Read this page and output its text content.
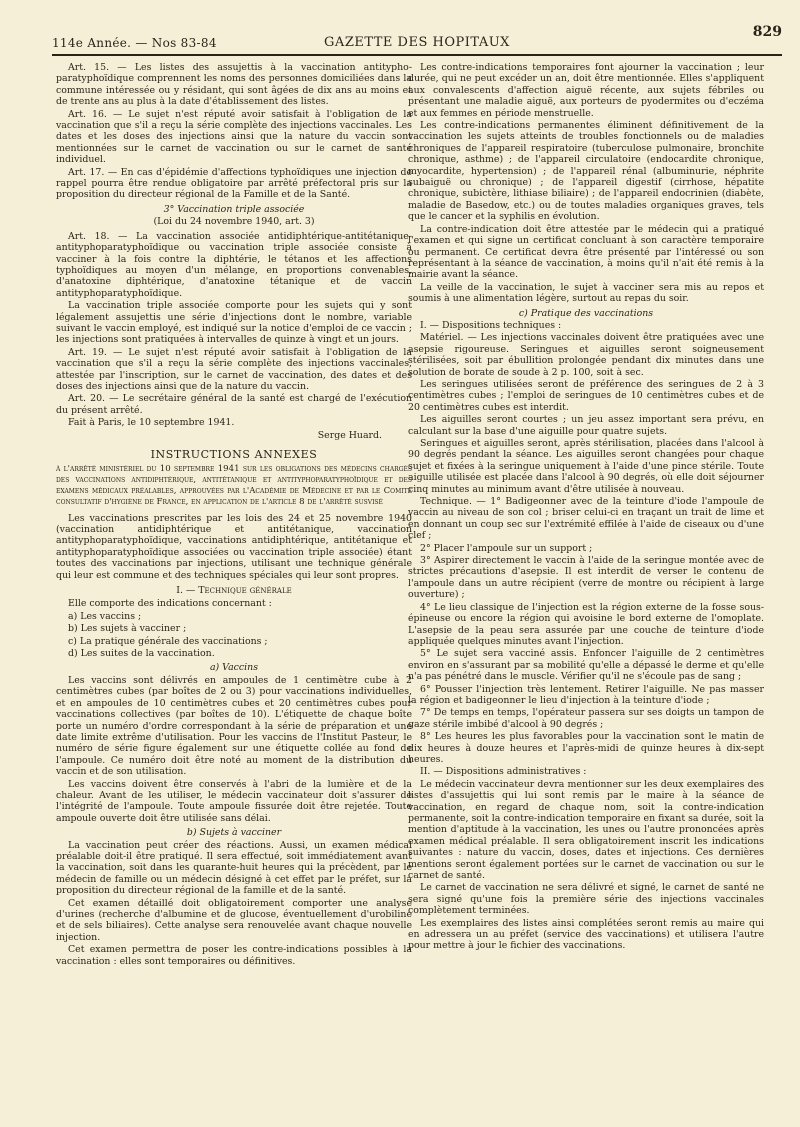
114e Année. — Nos 83-84	GAZETTE DES HOPITAUX
829

Art. 15. — Les listes des assujettis à la vaccination antitypho-paratyphoïdique comprennent les noms des personnes domiciliées dans la commune intéressée ou y résidant, qui sont âgées de dix ans au moins et de trente ans au plus à la date d'établissement des listes.

Art. 16. — Le sujet n'est réputé avoir satisfait à l'obligation de la vaccination que s'il a reçu la série complète des injections vaccinales. Les dates et les doses des injections ainsi que la nature du vaccin sont mentionnées sur le carnet de vaccination ou sur le carnet de santé individuel.

Art. 17. — En cas d'épidémie d'affections typhoïdiques une injection de rappel pourra être rendue obligatoire par arrêté préfectoral pris sur la proposition du directeur régional de la Famille et de la Santé.

3° Vaccination triple associée

(Loi du 24 novembre 1940, art. 3)

Art. 18. — La vaccination associée antidiphtérique-antitétanique-antityphoparatyphoïdique ou vaccination triple associée consiste à vacciner à la fois contre la diphtérie, le tétanos et les affections typhoïdiques au moyen d'un mélange, en proportions convenables, d'anatoxine diphtérique, d'anatoxine tétanique et de vaccin antityphoparatyphoïdique.

La vaccination triple associée comporte pour les sujets qui y sont légalement assujettis une série d'injections dont le nombre, variable suivant le vaccin employé, est indiqué sur la notice d'emploi de ce vaccin ; les injections sont pratiquées à intervalles de quinze à vingt et un jours.

Art. 19. — Le sujet n'est réputé avoir satisfait à l'obligation de la vaccination que s'il a reçu la série complète des injections vaccinales, attestée par l'inscription, sur le carnet de vaccination, des dates et des doses des injections ainsi que de la nature du vaccin.

Art. 20. — Le secrétaire général de la santé est chargé de l'exécution du présent arrêté.

Fait à Paris, le 10 septembre 1941.

Serge Huard.

INSTRUCTIONS ANNEXES

à l'arrêté ministériel du 10 septembre 1941 sur les obligations des médecins chargés des vaccinations antidiphtérique, antitétanique et antityphoparatyphoïdique et des examens médicaux préalables, approuvées par l'Académie de Médecine et par le Comité consultatif d'hygiène de France, en application de l'article 8 de l'arrêté susvisé

Les vaccinations prescrites par les lois des 24 et 25 novembre 1940 (vaccination antidiphtérique et antitétanique, vaccination antityphoparatyphoïdique, vaccinations antidiphtérique, antitétanique et antityphoparatyphoïdique associées ou vaccination triple associée) étant toutes des vaccinations par injections, utilisant une technique générale qui leur est commune et des techniques spéciales qui leur sont propres.

I. — Technique générale

Elle comporte des indications concernant :

a) Les vaccins ;

b) Les sujets à vacciner ;

c) La pratique générale des vaccinations ;

d) Les suites de la vaccination.

a) Vaccins

Les vaccins sont délivrés en ampoules de 1 centimètre cube à 2 centimètres cubes (par boîtes de 2 ou 3) pour vaccinations individuelles, et en ampoules de 10 centimètres cubes et 20 centimètres cubes pour vaccinations collectives (par boîtes de 10). L'étiquette de chaque boîte porte un numéro d'ordre correspondant à la série de préparation et une date limite extrême d'utilisation. Pour les vaccins de l'Institut Pasteur, le numéro de série figure également sur une étiquette collée au fond de l'ampoule. Ce numéro doit être noté au moment de la distribution du vaccin et de son utilisation.

Les vaccins doivent être conservés à l'abri de la lumière et de la chaleur. Avant de les utiliser, le médecin vaccinateur doit s'assurer de l'intégrité de l'ampoule. Toute ampoule fissurée doit être rejetée. Toute ampoule ouverte doit être utilisée sans délai.

b) Sujets à vacciner

La vaccination peut créer des réactions. Aussi, un examen médical préalable doit-il être pratiqué. Il sera effectué, soit immédiatement avant la vaccination, soit dans les quarante-huit heures qui la précèdent, par le médecin de famille ou un médecin désigné à cet effet par le préfet, sur la proposition du directeur régional de la famille et de la santé.

Cet examen détaillé doit obligatoirement comporter une analyse d'urines (recherche d'albumine et de glucose, éventuellement d'urobiline et de sels biliaires). Cette analyse sera renouvelée avant chaque nouvelle injection.

Cet examen permettra de poser les contre-indications possibles à la vaccination : elles sont temporaires ou définitives.

Les contre-indications temporaires font ajourner la vaccination ; leur durée, qui ne peut excéder un an, doit être mentionnée. Elles s'appliquent aux convalescents d'affection aiguë récente, aux sujets fébriles ou présentant une maladie aiguë, aux porteurs de pyodermites ou d'eczéma et aux femmes en période menstruelle.

Les contre-indications permanentes éliminent définitivement de la vaccination les sujets atteints de troubles fonctionnels ou de maladies chroniques de l'appareil respiratoire (tuberculose pulmonaire, bronchite chronique, asthme) ; de l'appareil circulatoire (endocardite chronique, myocardite, hypertension) ; de l'appareil rénal (albuminurie, néphrite subaiguë ou chronique) ; de l'appareil digestif (cirrhose, hépatite chronique, subictère, lithiase biliaire) ; de l'appareil endocrinien (diabète, maladie de Basedow, etc.) ou de toutes maladies organiques graves, tels que le cancer et la syphilis en évolution.

La contre-indication doit être attestée par le médecin qui a pratiqué l'examen et qui signe un certificat concluant à son caractère temporaire ou permanent. Ce certificat devra être présenté par l'intéressé ou son représentant à la séance de vaccination, à moins qu'il n'ait été remis à la mairie avant la séance.

La veille de la vaccination, le sujet à vacciner sera mis au repos et soumis à une alimentation légère, surtout au repas du soir.

c) Pratique des vaccinations

I. — Dispositions techniques :

Matériel. — Les injections vaccinales doivent être pratiquées avec une asepsie rigoureuse. Seringues et aiguilles seront soigneusement stérilisées, soit par ébullition prolongée pendant dix minutes dans une solution de borate de soude à 2 p. 100, soit à sec.

Les seringues utilisées seront de préférence des seringues de 2 à 3 centimètres cubes ; l'emploi de seringues de 10 centimètres cubes et de 20 centimètres cubes est interdit.

Les aiguilles seront courtes ; un jeu assez important sera prévu, en calculant sur la base d'une aiguille pour quatre sujets.

Seringues et aiguilles seront, après stérilisation, placées dans l'alcool à 90 degrés pendant la séance. Les aiguilles seront changées pour chaque sujet et fixées à la seringue uniquement à l'aide d'une pince stérile. Toute aiguille utilisée est placée dans l'alcool à 90 degrés, où elle doit séjourner cinq minutes au minimum avant d'être utilisée à nouveau.

Technique. — 1° Badigeonner avec de la teinture d'iode l'ampoule de vaccin au niveau de son col ; briser celui-ci en traçant un trait de lime et en donnant un coup sec sur l'extrémité effilée à l'aide de ciseaux ou d'une clef ;

2° Placer l'ampoule sur un support ;

3° Aspirer directement le vaccin à l'aide de la seringue montée avec de strictes précautions d'asepsie. Il est interdit de verser le contenu de l'ampoule dans un autre récipient (verre de montre ou récipient à large ouverture) ;

4° Le lieu classique de l'injection est la région externe de la fosse sous-épineuse ou encore la région qui avoisine le bord externe de l'omoplate. L'asepsie de la peau sera assurée par une couche de teinture d'iode appliquée quelques minutes avant l'injection.

5° Le sujet sera vacciné assis. Enfoncer l'aiguille de 2 centimètres environ en s'assurant par sa mobilité qu'elle a dépassé le derme et qu'elle n'a pas pénétré dans le muscle. Vérifier qu'il ne s'écoule pas de sang ;

6° Pousser l'injection très lentement. Retirer l'aiguille. Ne pas masser la région et badigeonner le lieu d'injection à la teinture d'iode ;

7° De temps en temps, l'opérateur passera sur ses doigts un tampon de gaze stérile imbibé d'alcool à 90 degrés ;

8° Les heures les plus favorables pour la vaccination sont le matin de dix heures à douze heures et l'après-midi de quinze heures à dix-sept heures.

II. — Dispositions administratives :

Le médecin vaccinateur devra mentionner sur les deux exemplaires des listes d'assujettis qui lui sont remis par le maire à la séance de vaccination, en regard de chaque nom, soit la contre-indication permanente, soit la contre-indication temporaire en fixant sa durée, soit la mention d'aptitude à la vaccination, les unes ou l'autre prononcées après examen médical préalable. Il sera obligatoirement inscrit les indications suivantes : nature du vaccin, doses, dates et injections. Ces dernières mentions seront également portées sur le carnet de vaccination ou sur le carnet de santé.

Le carnet de vaccination ne sera délivré et signé, le carnet de santé ne sera signé qu'une fois la première série des injections vaccinales complètement terminées.

Les exemplaires des listes ainsi complétées seront remis au maire qui en adressera un au préfet (service des vaccinations) et utilisera l'autre pour mettre à jour le fichier des vaccinations.
